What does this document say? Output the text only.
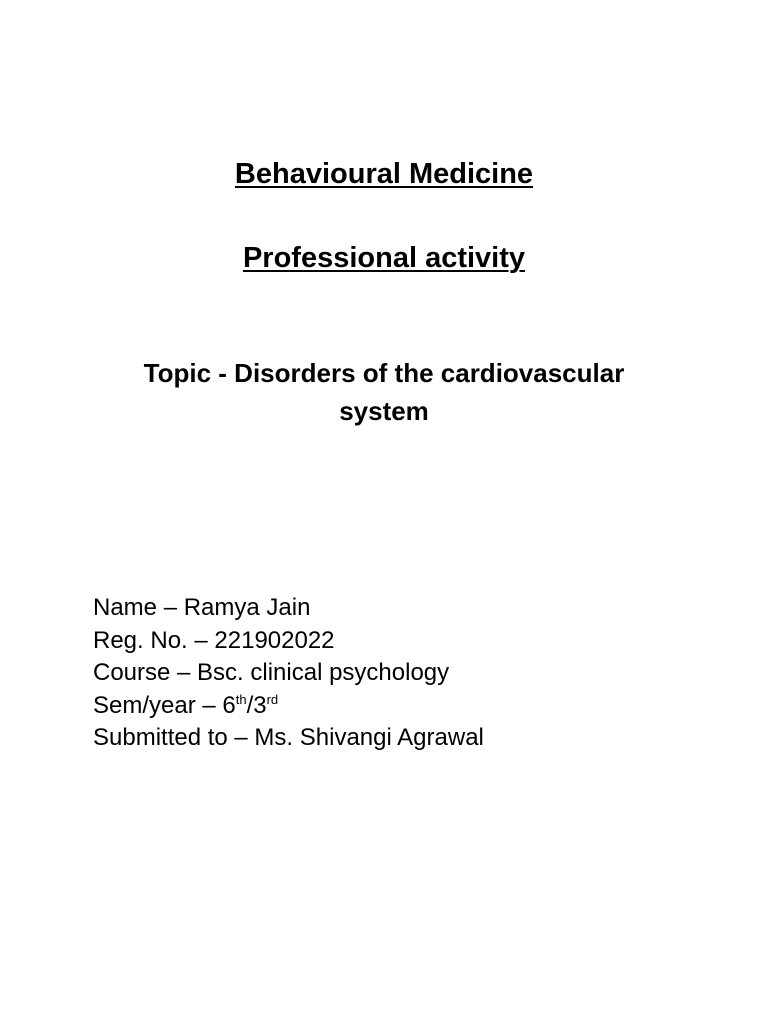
Behavioural Medicine
Professional activity
Topic - Disorders of the cardiovascular system
Name – Ramya Jain
Reg. No. – 221902022
Course – Bsc. clinical psychology
Sem/year – 6th/3rd
Submitted to – Ms. Shivangi Agrawal
